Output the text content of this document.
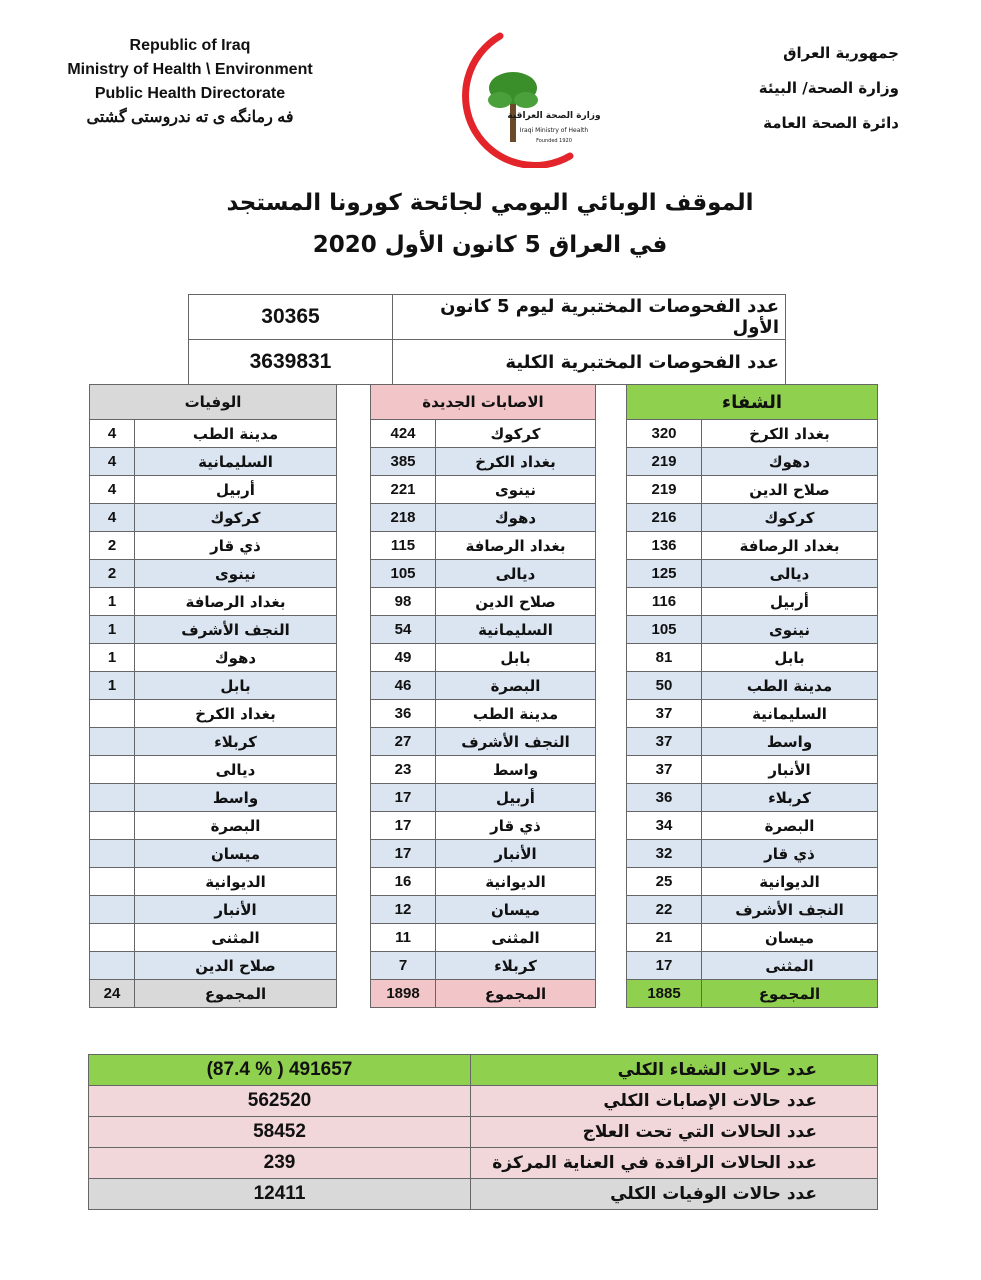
Republic of Iraq
Ministry of Health \ Environment
Public Health Directorate
فه رمانگه ی ته ندروستی گشتی	وزارة الصحة العراقية
Iraqi Ministry of Health
Founded 1920
جمهورية العراق
وزارة الصحة/ البيئة
دائرة الصحة العامة
الموقف الوبائي اليومي لجائحة كورونا المستجد
في العراق 5 كانون الأول 2020
30365	عدد الفحوصات المختبرية ليوم 5 كانون الأول
3639831	عدد الفحوصات المختبرية الكلية
الوفيات	
4	مدينة الطب
4	السليمانية
4	أربيل
4	كركوك
2	ذي قار
2	نينوى
1	بغداد الرصافة
1	النجف الأشرف
1	دهوك
1	بابل
	بغداد الكرخ
	كربلاء
	ديالى
	واسط
	البصرة
	ميسان
	الديوانية
	الأنبار
	المثنى
	صلاح الدين
24	المجموع
الاصابات الجديدة	
424	كركوك
385	بغداد الكرخ
221	نينوى
218	دهوك
115	بغداد الرصافة
105	ديالى
98	صلاح الدين
54	السليمانية
49	بابل
46	البصرة
36	مدينة الطب
27	النجف الأشرف
23	واسط
17	أربيل
17	ذي قار
17	الأنبار
16	الديوانية
12	ميسان
11	المثنى
7	كربلاء
1898	المجموع
الشفاء	
320	بغداد الكرخ
219	دهوك
219	صلاح الدين
216	كركوك
136	بغداد الرصافة
125	ديالى
116	أربيل
105	نينوى
81	بابل
50	مدينة الطب
37	السليمانية
37	واسط
37	الأنبار
36	كربلاء
34	البصرة
32	ذي قار
25	الديوانية
22	النجف الأشرف
21	ميسان
17	المثنى
1885	المجموع
(87.4 % ) 491657	عدد حالات الشفاء الكلي
562520	عدد حالات الإصابات الكلي
58452	عدد الحالات التي تحت العلاج
239	عدد الحالات الراقدة في العناية المركزة
12411	عدد حالات الوفيات الكلي
